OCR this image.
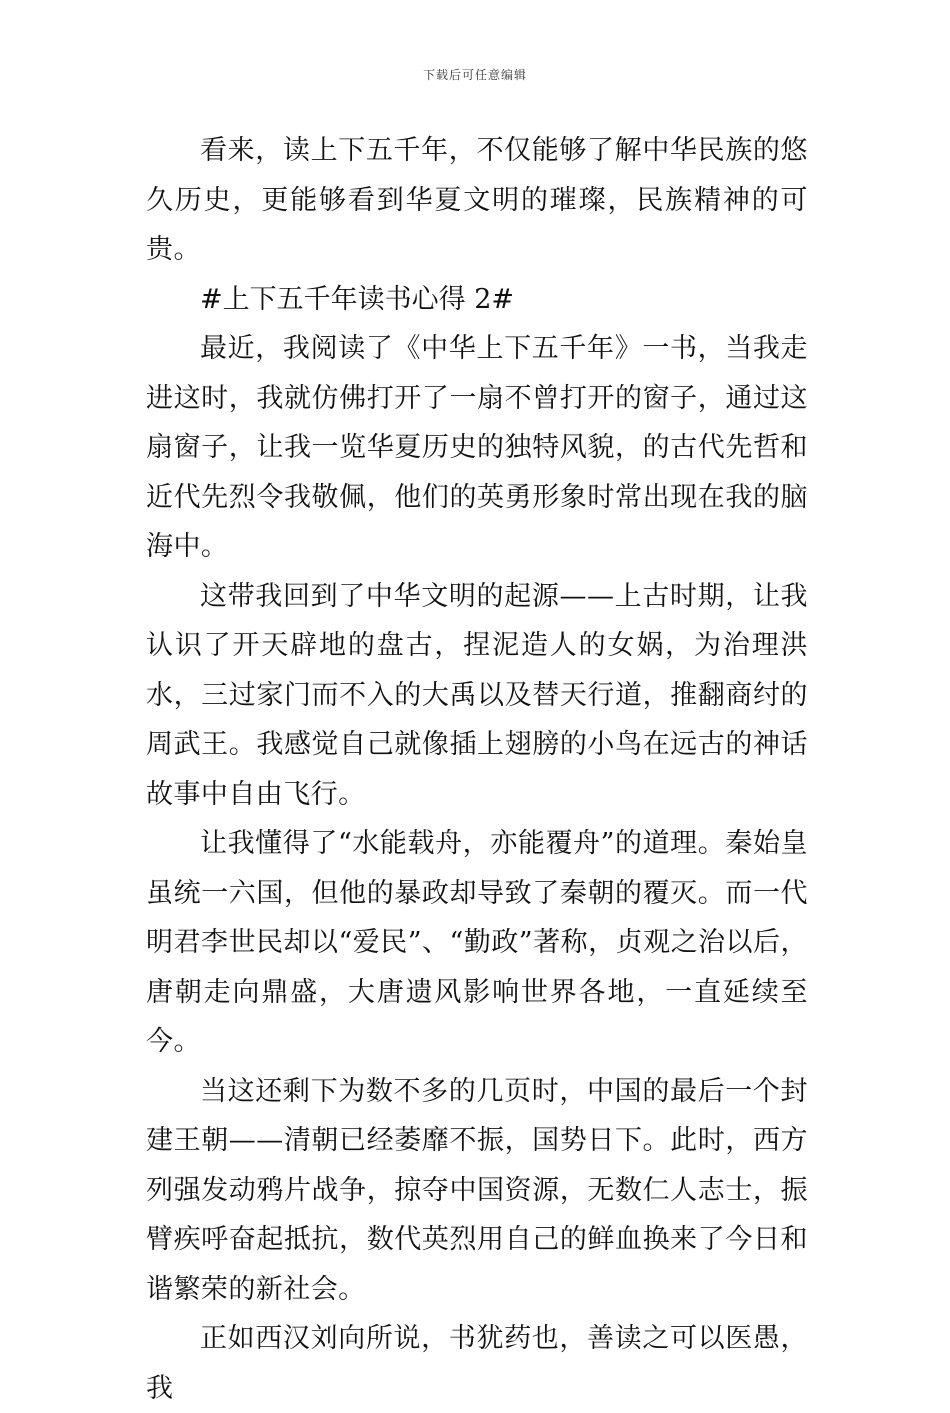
下载后可任意编辑

看来，读上下五千年，不仅能够了解中华民族的悠久历史，更能够看到华夏文明的璀璨，民族精神的可贵。

#上下五千年读书心得 2#

最近，我阅读了《中华上下五千年》一书，当我走进这时，我就仿佛打开了一扇不曾打开的窗子，通过这扇窗子，让我一览华夏历史的独特风貌，的古代先哲和近代先烈令我敬佩，他们的英勇形象时常出现在我的脑海中。

这带我回到了中华文明的起源——上古时期，让我认识了开天辟地的盘古，捏泥造人的女娲，为治理洪水，三过家门而不入的大禹以及替天行道，推翻商纣的周武王。我感觉自己就像插上翅膀的小鸟在远古的神话故事中自由飞行。

让我懂得了“水能载舟，亦能覆舟”的道理。秦始皇虽统一六国，但他的暴政却导致了秦朝的覆灭。而一代明君李世民却以“爱民”、“勤政”著称，贞观之治以后，唐朝走向鼎盛，大唐遗风影响世界各地，一直延续至今。

当这还剩下为数不多的几页时，中国的最后一个封建王朝——清朝已经萎靡不振，国势日下。此时，西方列强发动鸦片战争，掠夺中国资源，无数仁人志士，振臂疾呼奋起抵抗，数代英烈用自己的鲜血换来了今日和谐繁荣的新社会。

正如西汉刘向所说，书犹药也，善读之可以医愚，我
